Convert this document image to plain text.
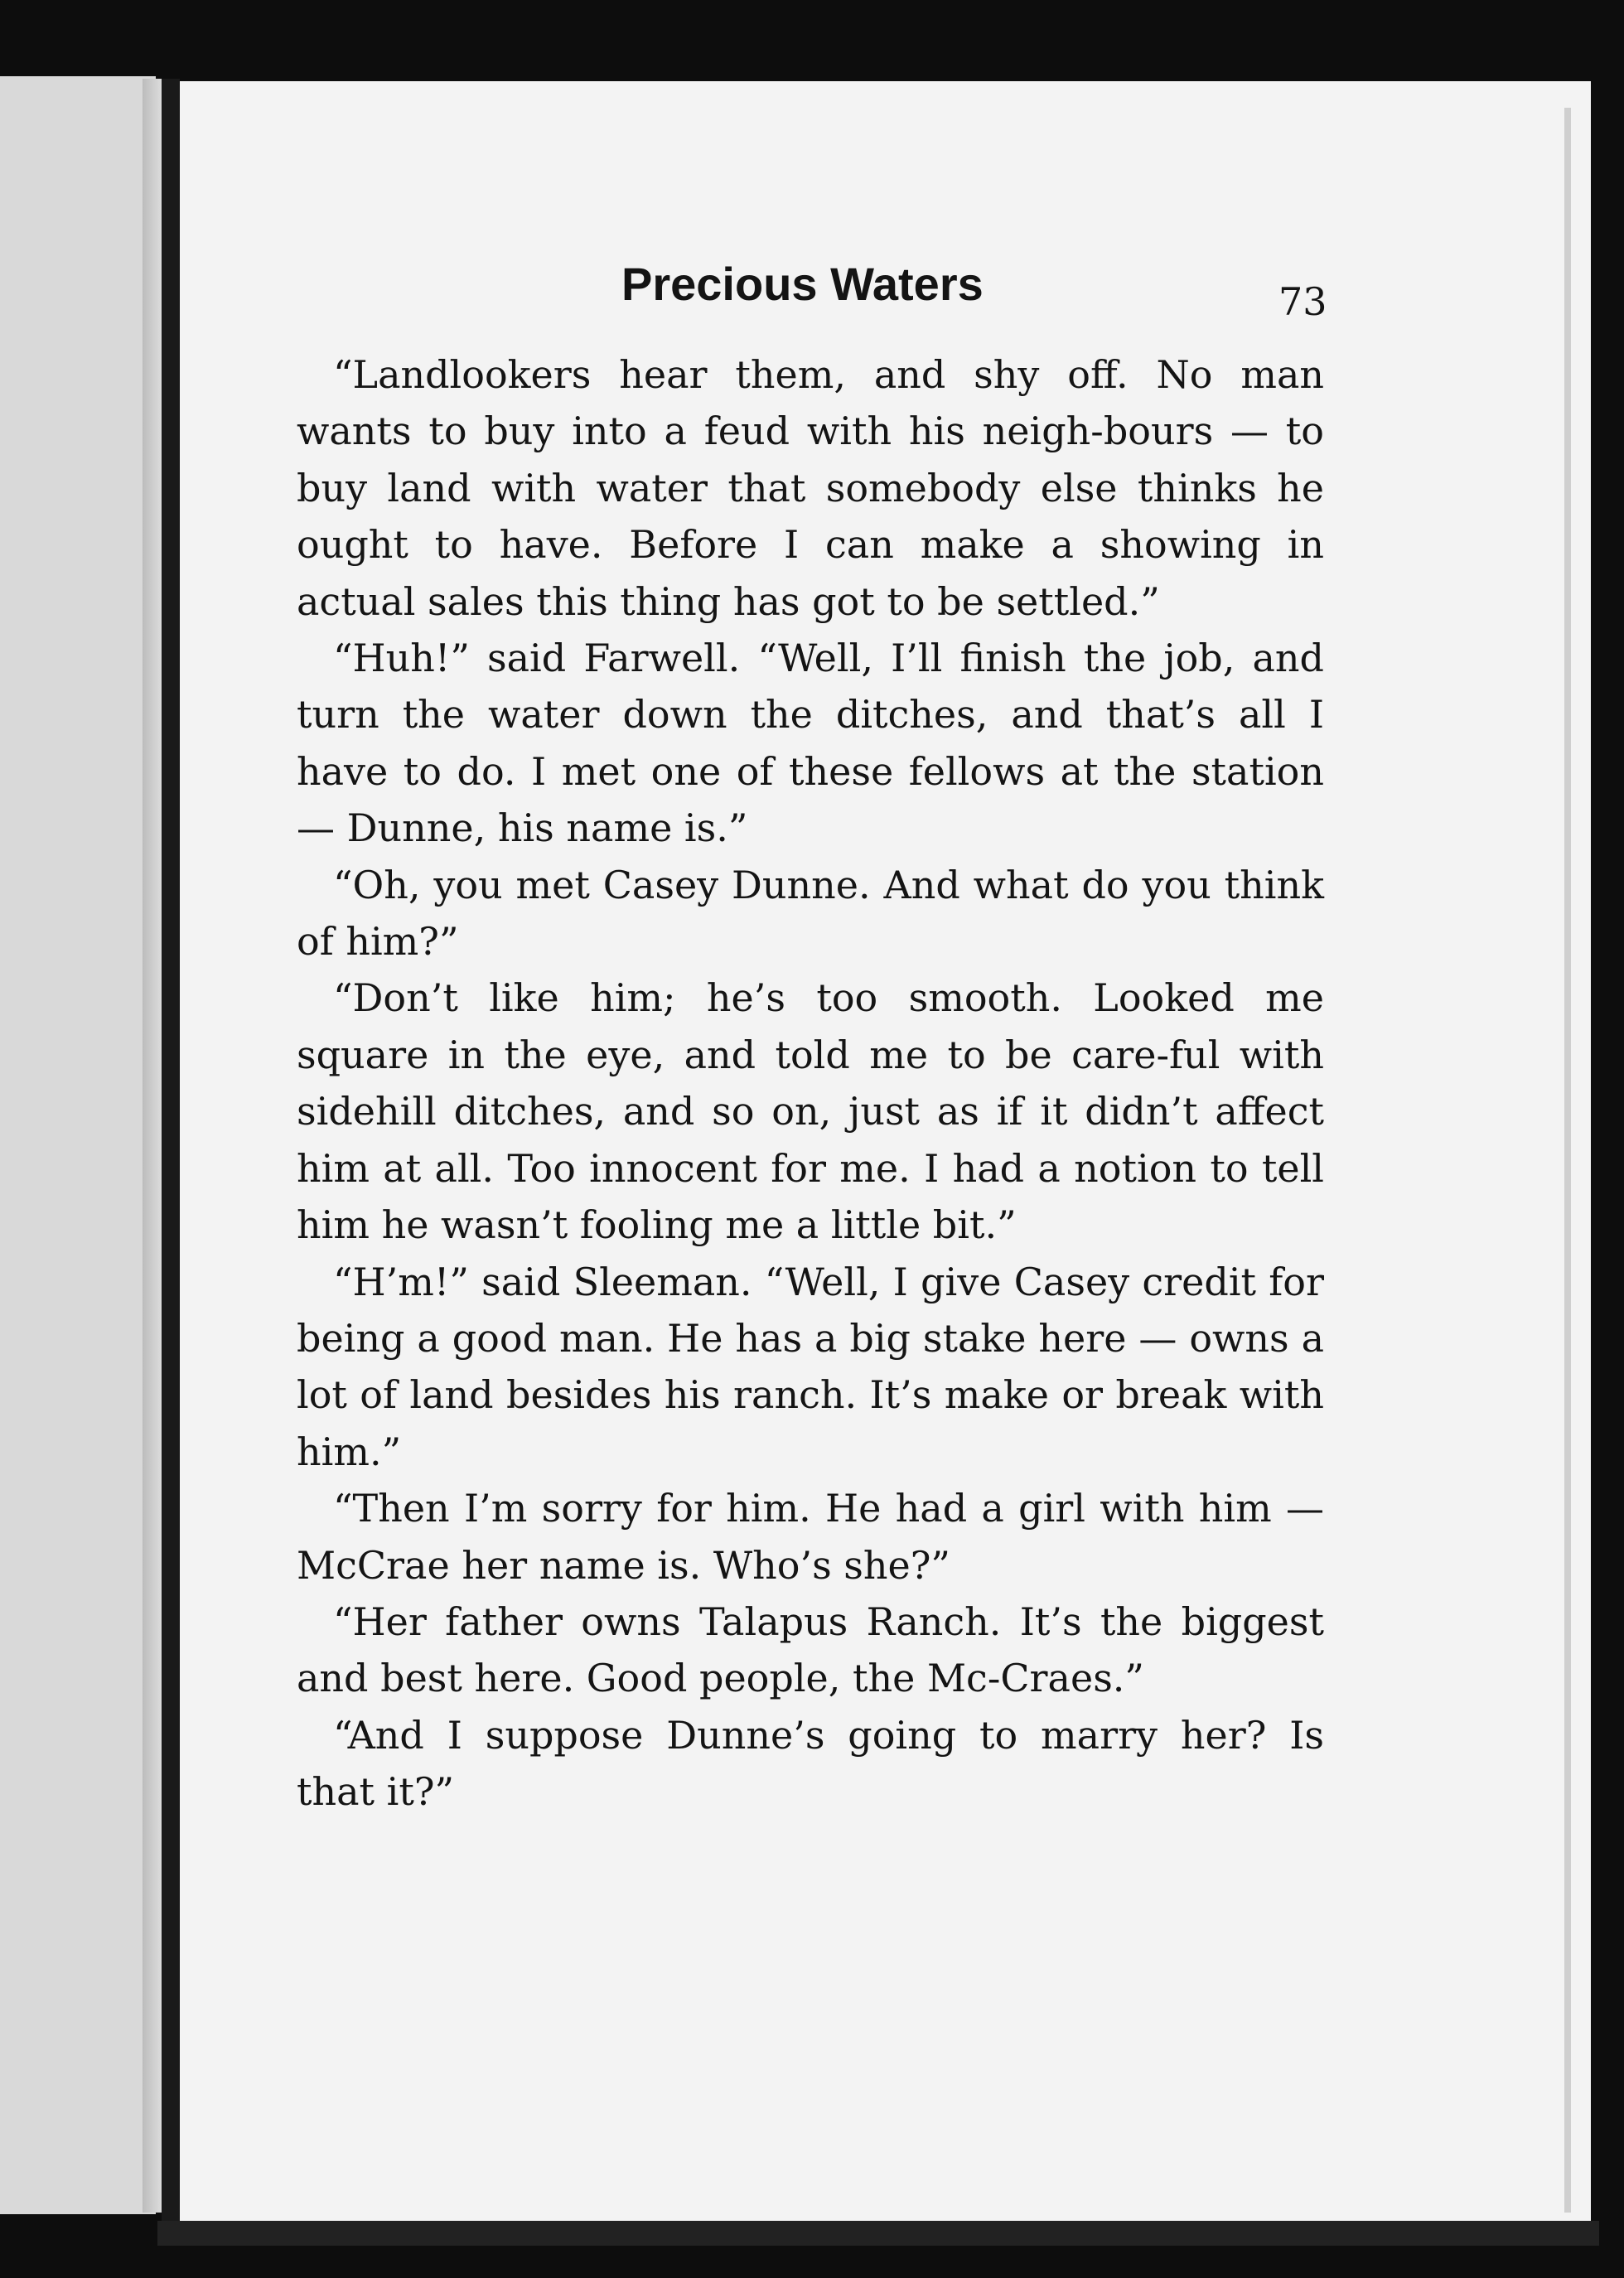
Precious Waters	73

“Landlookers hear them, and shy off. No man wants to buy into a feud with his neigh-bours — to buy land with water that somebody else thinks he ought to have. Before I can make a showing in actual sales this thing has got to be settled.”

“Huh!” said Farwell. “Well, I’ll finish the job, and turn the water down the ditches, and that’s all I have to do. I met one of these fellows at the station — Dunne, his name is.”

“Oh, you met Casey Dunne. And what do you think of him?”

“Don’t like him; he’s too smooth. Looked me square in the eye, and told me to be care-ful with sidehill ditches, and so on, just as if it didn’t affect him at all. Too innocent for me. I had a notion to tell him he wasn’t fooling me a little bit.”

“H’m!” said Sleeman. “Well, I give Casey credit for being a good man. He has a big stake here — owns a lot of land besides his ranch. It’s make or break with him.”

“Then I’m sorry for him. He had a girl with him — McCrae her name is. Who’s she?”

“Her father owns Talapus Ranch. It’s the biggest and best here. Good people, the Mc-Craes.”

“And I suppose Dunne’s going to marry her? Is that it?”
